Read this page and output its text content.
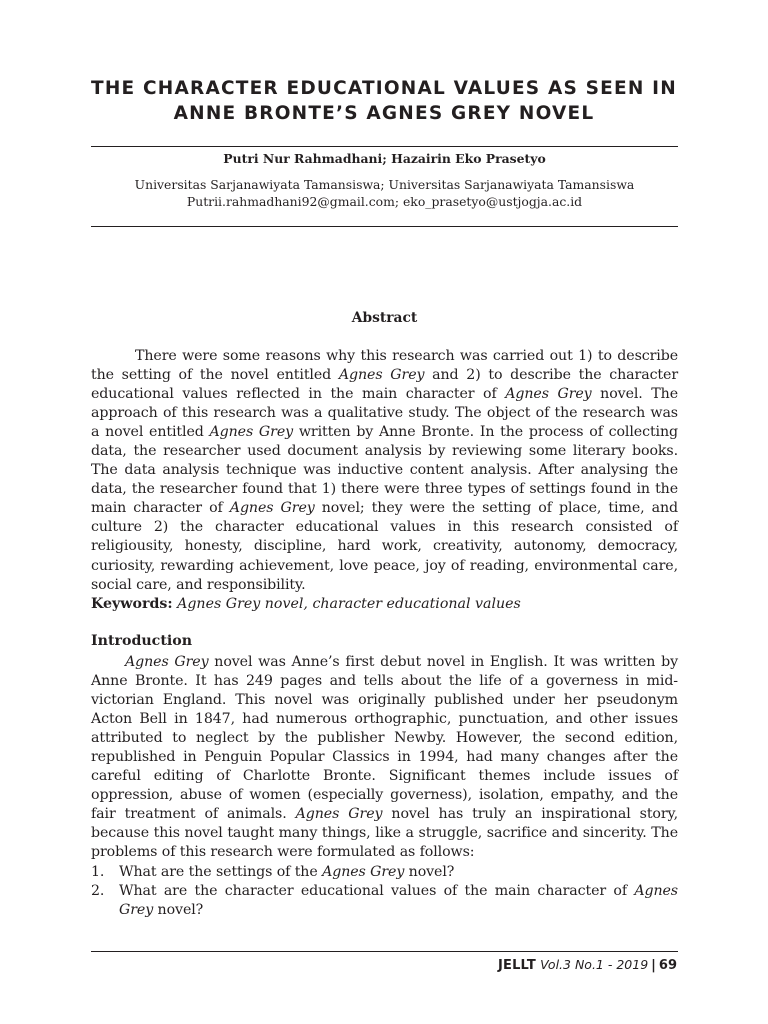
THE CHARACTER EDUCATIONAL VALUES AS SEEN IN ANNE BRONTE’S AGNES GREY NOVEL
Putri Nur Rahmadhani; Hazairin Eko Prasetyo
Universitas Sarjanawiyata Tamansiswa; Universitas Sarjanawiyata Tamansiswa
Putrii.rahmadhani92@gmail.com; eko_prasetyo@ustjogja.ac.id
Abstract

There were some reasons why this research was carried out 1) to describe the setting of the novel entitled Agnes Grey and 2) to describe the character educational values reflected in the main character of Agnes Grey novel. The approach of this research was a qualitative study. The object of the research was a novel entitled Agnes Grey written by Anne Bronte. In the process of collecting data, the researcher used document analysis by reviewing some literary books. The data analysis technique was inductive content analysis. After analysing the data, the researcher found that 1) there were three types of settings found in the main character of Agnes Grey novel; they were the setting of place, time, and culture 2) the character educational values in this research consisted of religiousity, honesty, discipline, hard work, creativity, autonomy, democracy, curiosity, rewarding achievement, love peace, joy of reading, environmental care, social care, and responsibility.

Keywords: Agnes Grey novel, character educational values
Introduction

Agnes Grey novel was Anne’s first debut novel in English. It was written by Anne Bronte. It has 249 pages and tells about the life of a governess in mid-victorian England. This novel was originally published under her pseudonym Acton Bell in 1847, had numerous orthographic, punctuation, and other issues attributed to neglect by the publisher Newby. However, the second edition, republished in Penguin Popular Classics in 1994, had many changes after the careful editing of Charlotte Bronte. Significant themes include issues of oppression, abuse of women (especially governess), isolation, empathy, and the fair treatment of animals. Agnes Grey novel has truly an inspirational story, because this novel taught many things, like a struggle, sacrifice and sincerity. The problems of this research were formulated as follows:

1. What are the settings of the Agnes Grey novel?
2. What are the character educational values of the main character of Agnes Grey novel?
JELLT Vol.3 No.1 - 2019 | 69
